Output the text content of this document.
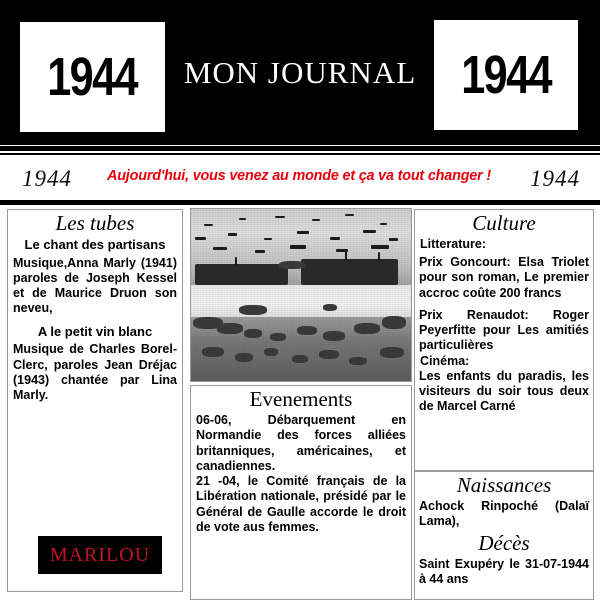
1944	MON JOURNAL 1944
1944 Aujourd'hui, vous venez au monde et ça va tout changer ! 1944
Les tubes
Le chant des partisans
Musique,Anna Marly (1941) paroles de Joseph Kessel et de Maurice Druon son neveu,
A le petit vin blanc
Musique de Charles Borel-Clerc, paroles Jean Dréjac (1943) chantée par Lina Marly.
MARILOU
Evenements
06-06, Débarquement en Normandie des forces alliées britanniques, américaines, et canadiennes.
21 -04, le Comité français de la Libération nationale, présidé par le Général de Gaulle accorde le droit de vote aus femmes.
Culture
Litterature:
Prix Goncourt: Elsa Triolet pour son roman, Le premier accroc coûte 200 francs
Prix Renaudot: Roger Peyerfitte pour Les amitiés particulières
Cinéma:
Les enfants du paradis, les visiteurs du soir tous deux de Marcel Carné
Naissances
Achock Rinpoché (Dalaï Lama),
Décès
Saint Exupéry le 31-07-1944 à 44 ans
